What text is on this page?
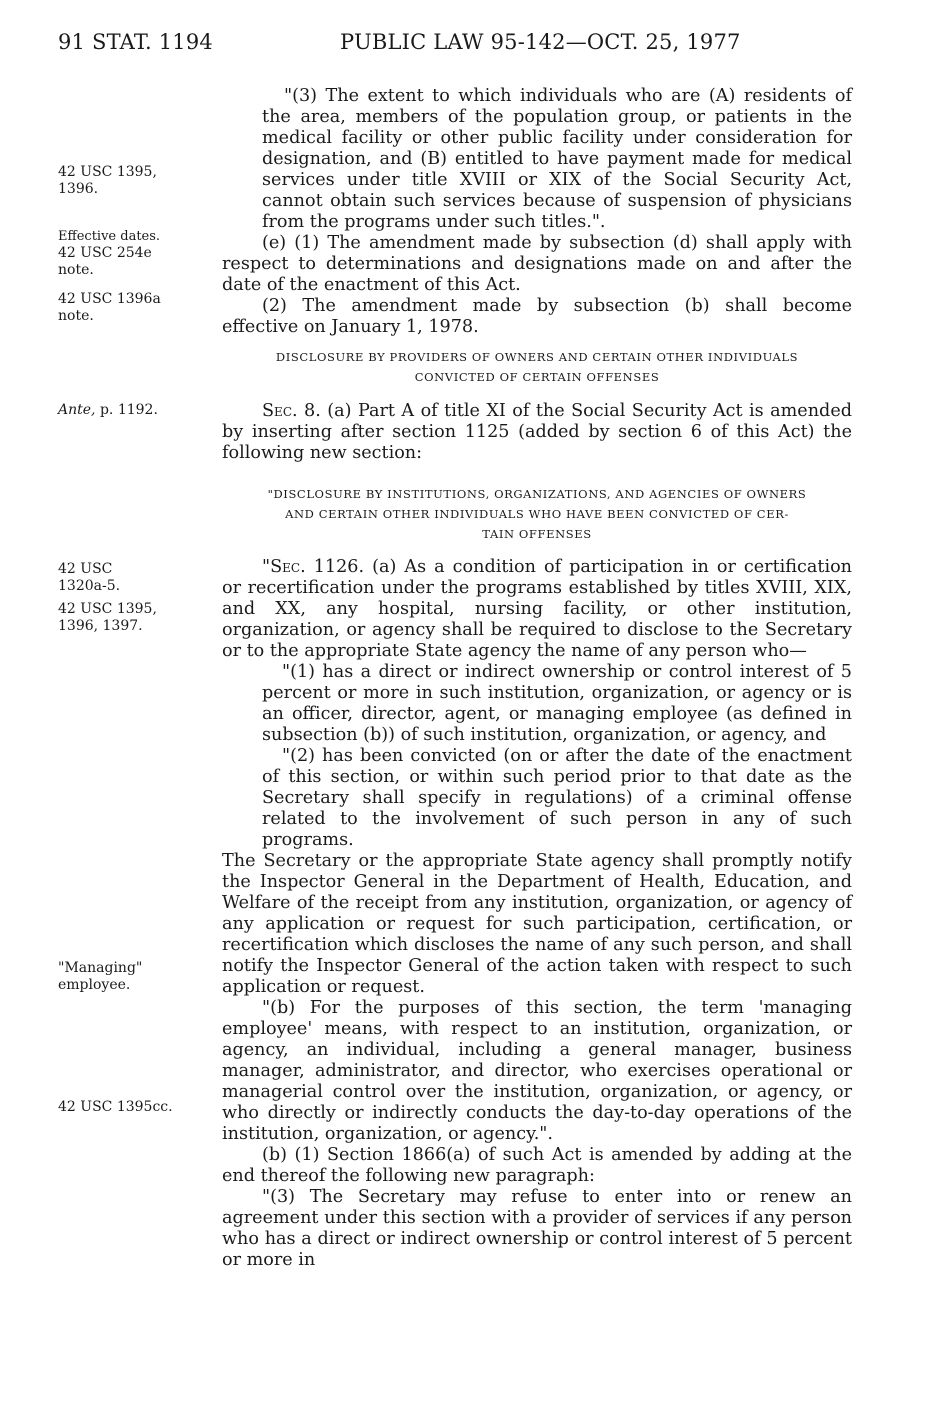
91 STAT. 1194	PUBLIC LAW 95-142—OCT. 25, 1977
42 USC 1395,
1396.
Effective dates.
42 USC 254e
note.
42 USC 1396a
note.
Ante, p. 1192.
42 USC
1320a-5.
42 USC 1395,
1396, 1397.
"Managing"
employee.
42 USC 1395cc.

"(3) The extent to which individuals who are (A) residents of the area, members of the population group, or patients in the medical facility or other public facility under consideration for designation, and (B) entitled to have payment made for medical services under title XVIII or XIX of the Social Security Act, cannot obtain such services because of suspension of physicians from the programs under such titles.".

(e) (1) The amendment made by subsection (d) shall apply with respect to determinations and designations made on and after the date of the enactment of this Act.

(2) The amendment made by subsection (b) shall become effective on January 1, 1978.

DISCLOSURE BY PROVIDERS OF OWNERS AND CERTAIN OTHER INDIVIDUALS
CONVICTED OF CERTAIN OFFENSES

Sec. 8. (a) Part A of title XI of the Social Security Act is amended by inserting after section 1125 (added by section 6 of this Act) the following new section:

"DISCLOSURE BY INSTITUTIONS, ORGANIZATIONS, AND AGENCIES OF OWNERS
AND CERTAIN OTHER INDIVIDUALS WHO HAVE BEEN CONVICTED OF CER-
TAIN OFFENSES

"Sec. 1126. (a) As a condition of participation in or certification or recertification under the programs established by titles XVIII, XIX, and XX, any hospital, nursing facility, or other institution, organization, or agency shall be required to disclose to the Secretary or to the appropriate State agency the name of any person who—

"(1) has a direct or indirect ownership or control interest of 5 percent or more in such institution, organization, or agency or is an officer, director, agent, or managing employee (as defined in subsection (b)) of such institution, organization, or agency, and

"(2) has been convicted (on or after the date of the enactment of this section, or within such period prior to that date as the Secretary shall specify in regulations) of a criminal offense related to the involvement of such person in any of such programs.

The Secretary or the appropriate State agency shall promptly notify the Inspector General in the Department of Health, Education, and Welfare of the receipt from any institution, organization, or agency of any application or request for such participation, certification, or recertification which discloses the name of any such person, and shall notify the Inspector General of the action taken with respect to such application or request.

"(b) For the purposes of this section, the term 'managing employee' means, with respect to an institution, organization, or agency, an individual, including a general manager, business manager, administrator, and director, who exercises operational or managerial control over the institution, organization, or agency, or who directly or indirectly conducts the day-to-day operations of the institution, organization, or agency.".

(b) (1) Section 1866(a) of such Act is amended by adding at the end thereof the following new paragraph:

"(3) The Secretary may refuse to enter into or renew an agreement under this section with a provider of services if any person who has a direct or indirect ownership or control interest of 5 percent or more in
